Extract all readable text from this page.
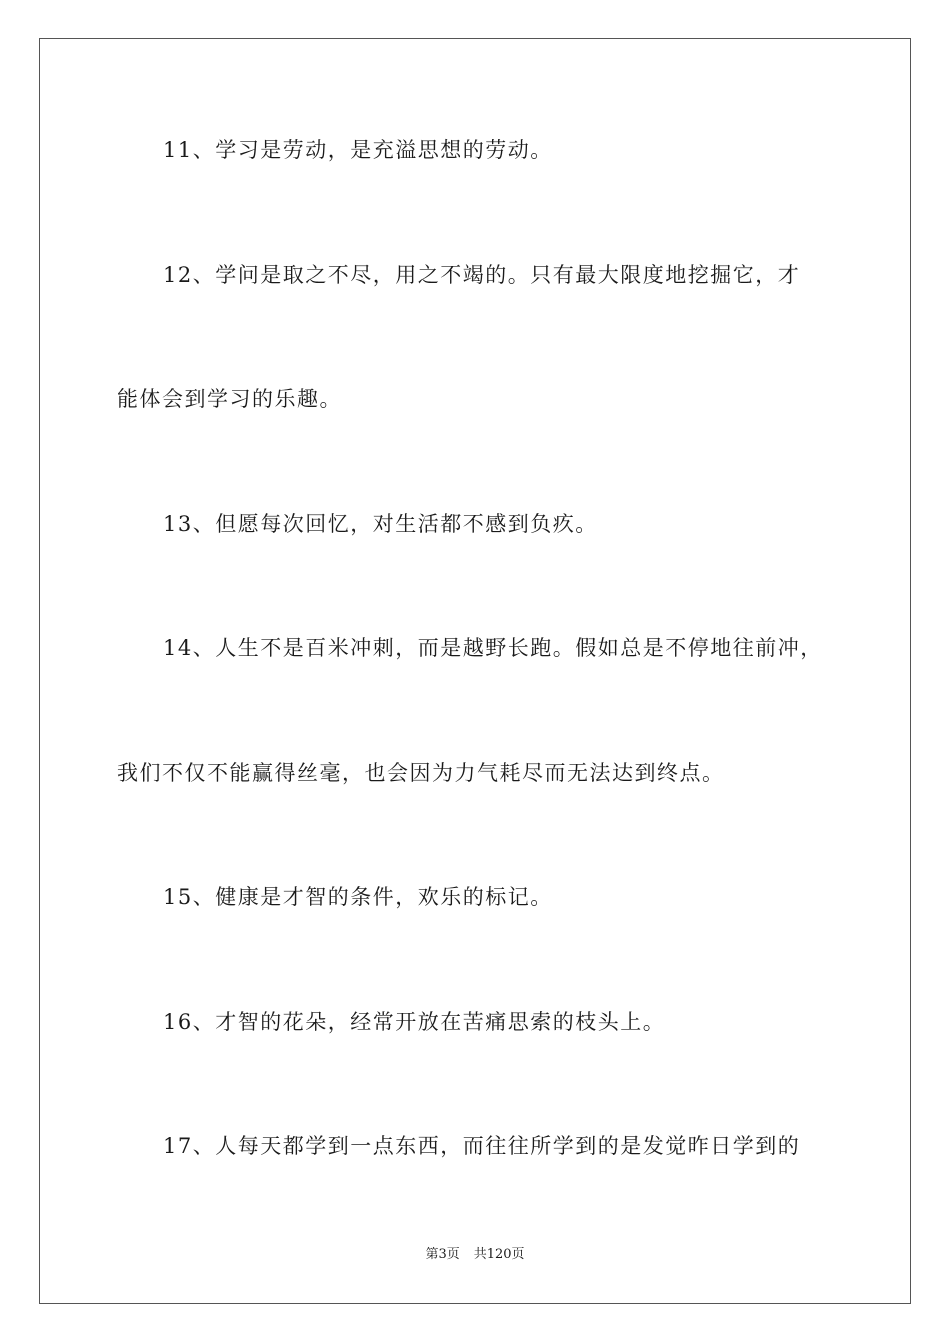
11、学习是劳动，是充溢思想的劳动。
12、学问是取之不尽，用之不竭的。只有最大限度地挖掘它，才
能体会到学习的乐趣。
13、但愿每次回忆，对生活都不感到负疚。
14、人生不是百米冲刺，而是越野长跑。假如总是不停地往前冲，
我们不仅不能赢得丝毫，也会因为力气耗尽而无法达到终点。
15、健康是才智的条件，欢乐的标记。
16、才智的花朵，经常开放在苦痛思索的枝头上。
17、人每天都学到一点东西，而往往所学到的是发觉昨日学到的
第3页 共120页
